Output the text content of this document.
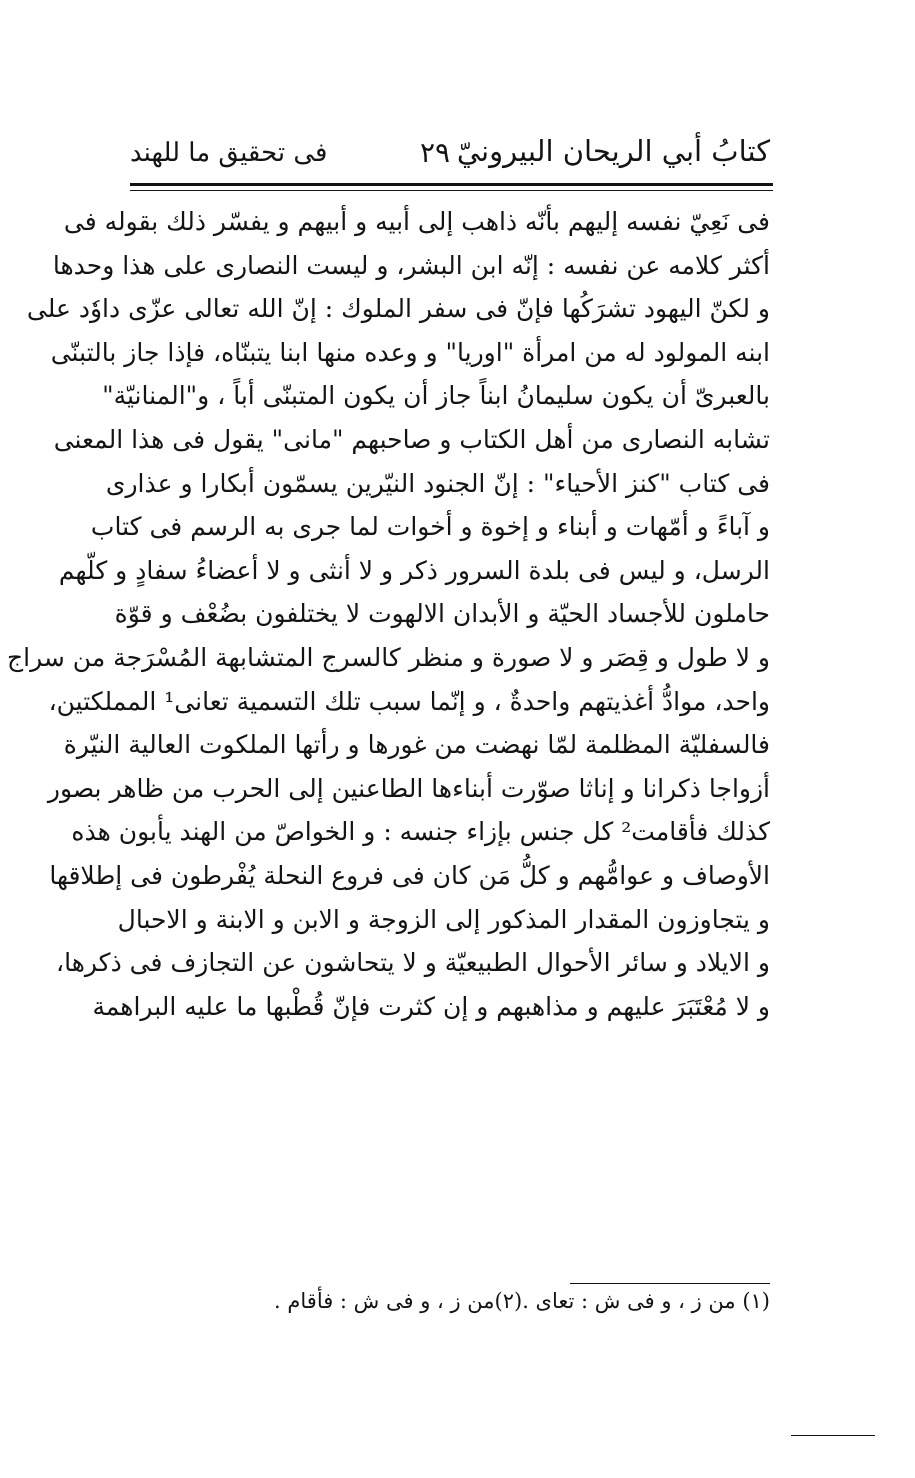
كتابُ أبي الريحان البيرونيّ
٢٩
فى تحقيق ما للهند
فى نَعِيّ نفسه إليهم بأنّه ذاهب إلى أبيه و أبيهم و يفسّر ذلك بقوله فى
أكثر كلامه عن نفسه : إنّه ابن البشر، و ليست النصارى على هذا وحدها
و لكنّ اليهود تشرَكُها فإنّ فى سفر الملوك : إنّ الله تعالى عزّى داوٗد على
ابنه المولود له من امرأة "اوريا" و وعده منها ابنا يتبنّاه، فإذا جاز بالتبنّى
بالعبرىّ أن يكون سليمانُ ابناً جاز أن يكون المتبنّى أباً ، و"المنانيّة"
تشابه النصارى من أهل الكتاب و صاحبهم "مانى" يقول فى هذا المعنى
فى كتاب "كنز الأحياء" : إنّ الجنود النيّرين يسمّون أبكارا و عذارى
و آباءً و أمّهات و أبناء و إخوة و أخوات لما جرى به الرسم فى كتاب
الرسل، و ليس فى بلدة السرور ذكر و لا أنثى و لا أعضاءُ سفادٍ و كلّهم
حاملون للأجساد الحيّة و الأبدان الالهوت لا يختلفون بضُعْف و قوّة
و لا طول و قِصَر و لا صورة و منظر كالسرج المتشابهة المُسْرَجة من سراج
واحد، موادُّ أغذيتهم واحدةٌ ، و إنّما سبب تلك التسمية تعانى¹ المملكتين،
فالسفليّة المظلمة لمّا نهضت من غورها و رأتها الملكوت العالية النيّرة
أزواجا ذكرانا و إناثا صوّرت أبناءها الطاعنين إلى الحرب من ظاهر بصور
كذلك فأقامت² كل جنس بإزاء جنسه : و الخواصّ من الهند يأبون هذه
الأوصاف و عوامُّهم و كلُّ مَن كان فى فروع النحلة يُفْرطون فى إطلاقها
و يتجاوزون المقدار المذكور إلى الزوجة و الابن و الابنة و الاحبال
و الايلاد و سائر الأحوال الطبيعيّة و لا يتحاشون عن التجازف فى ذكرها،
و لا مُعْتَبَرَ عليهم و مذاهبهم و إن كثرت فإنّ قُطْبها ما عليه البراهمة
(١) من ز ، و فى ش : تعاى .(٢)من ز ، و فى ش : فأقام .
